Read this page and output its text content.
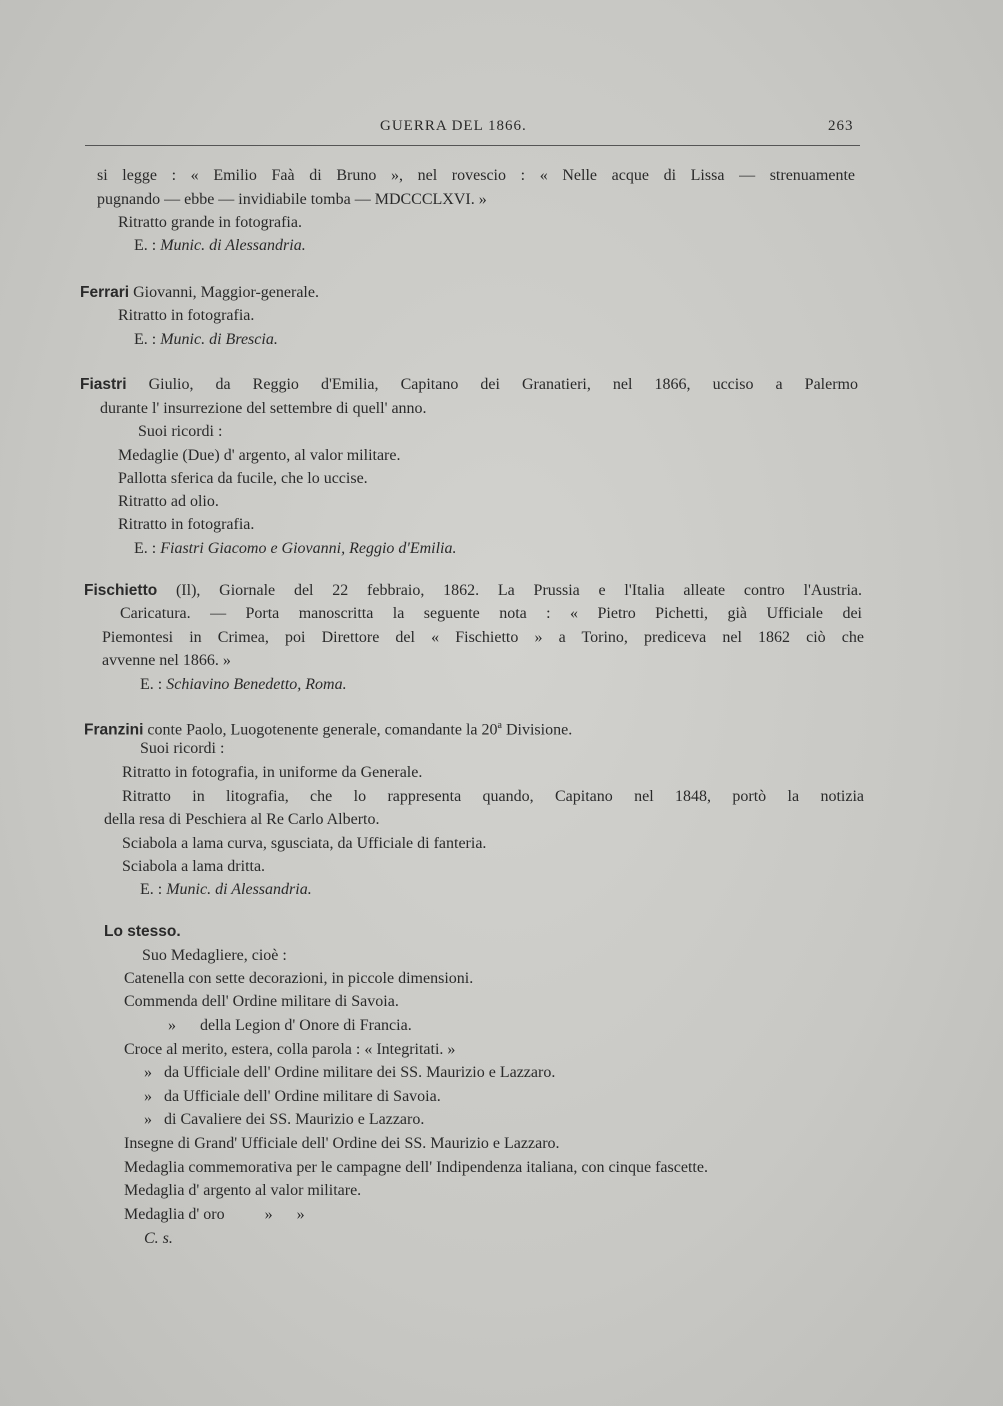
GUERRA DEL 1866.	263
si legge : « Emilio Faà di Bruno », nel rovescio : « Nelle acque di Lissa — strenuamente
pugnando — ebbe — invidiabile tomba — MDCCCLXVI. »
Ritratto grande in fotografia.
E. : Munic. di Alessandria.
Ferrari Giovanni, Maggior-generale.
Ritratto in fotografia.
E. : Munic. di Brescia.
Fiastri Giulio, da Reggio d'Emilia, Capitano dei Granatieri, nel 1866, ucciso a Palermo
durante l' insurrezione del settembre di quell' anno.
Suoi ricordi :
Medaglie (Due) d' argento, al valor militare.
Pallotta sferica da fucile, che lo uccise.
Ritratto ad olio.
Ritratto in fotografia.
E. : Fiastri Giacomo e Giovanni, Reggio d'Emilia.
Fischietto (Il), Giornale del 22 febbraio, 1862. La Prussia e l'Italia alleate contro l'Austria.
Caricatura. — Porta manoscritta la seguente nota : « Pietro Pichetti, già Ufficiale dei
Piemontesi in Crimea, poi Direttore del « Fischietto » a Torino, prediceva nel 1862 ciò che
avvenne nel 1866. »
E. : Schiavino Benedetto, Roma.
Franzini conte Paolo, Luogotenente generale, comandante la 20$^a$ Divisione.
Suoi ricordi :
Ritratto in fotografia, in uniforme da Generale.
Ritratto in litografia, che lo rappresenta quando, Capitano nel 1848, portò la notizia
della resa di Peschiera al Re Carlo Alberto.
Sciabola a lama curva, sgusciata, da Ufficiale di fanteria.
Sciabola a lama dritta.
E. : Munic. di Alessandria.
Lo stesso.
Suo Medagliere, cioè :
Catenella con sette decorazioni, in piccole dimensioni.
Commenda dell' Ordine militare di Savoia.
»      della Legion d' Onore di Francia.
Croce al merito, estera, colla parola : « Integritati. »
»   da Ufficiale dell' Ordine militare dei SS. Maurizio e Lazzaro.
»   da Ufficiale dell' Ordine militare di Savoia.
»   di Cavaliere dei SS. Maurizio e Lazzaro.
Insegne di Grand' Ufficiale dell' Ordine dei SS. Maurizio e Lazzaro.
Medaglia commemorativa per le campagne dell' Indipendenza italiana, con cinque fascette.
Medaglia d' argento al valor militare.
Medaglia d' oro          »      »
C. s.
